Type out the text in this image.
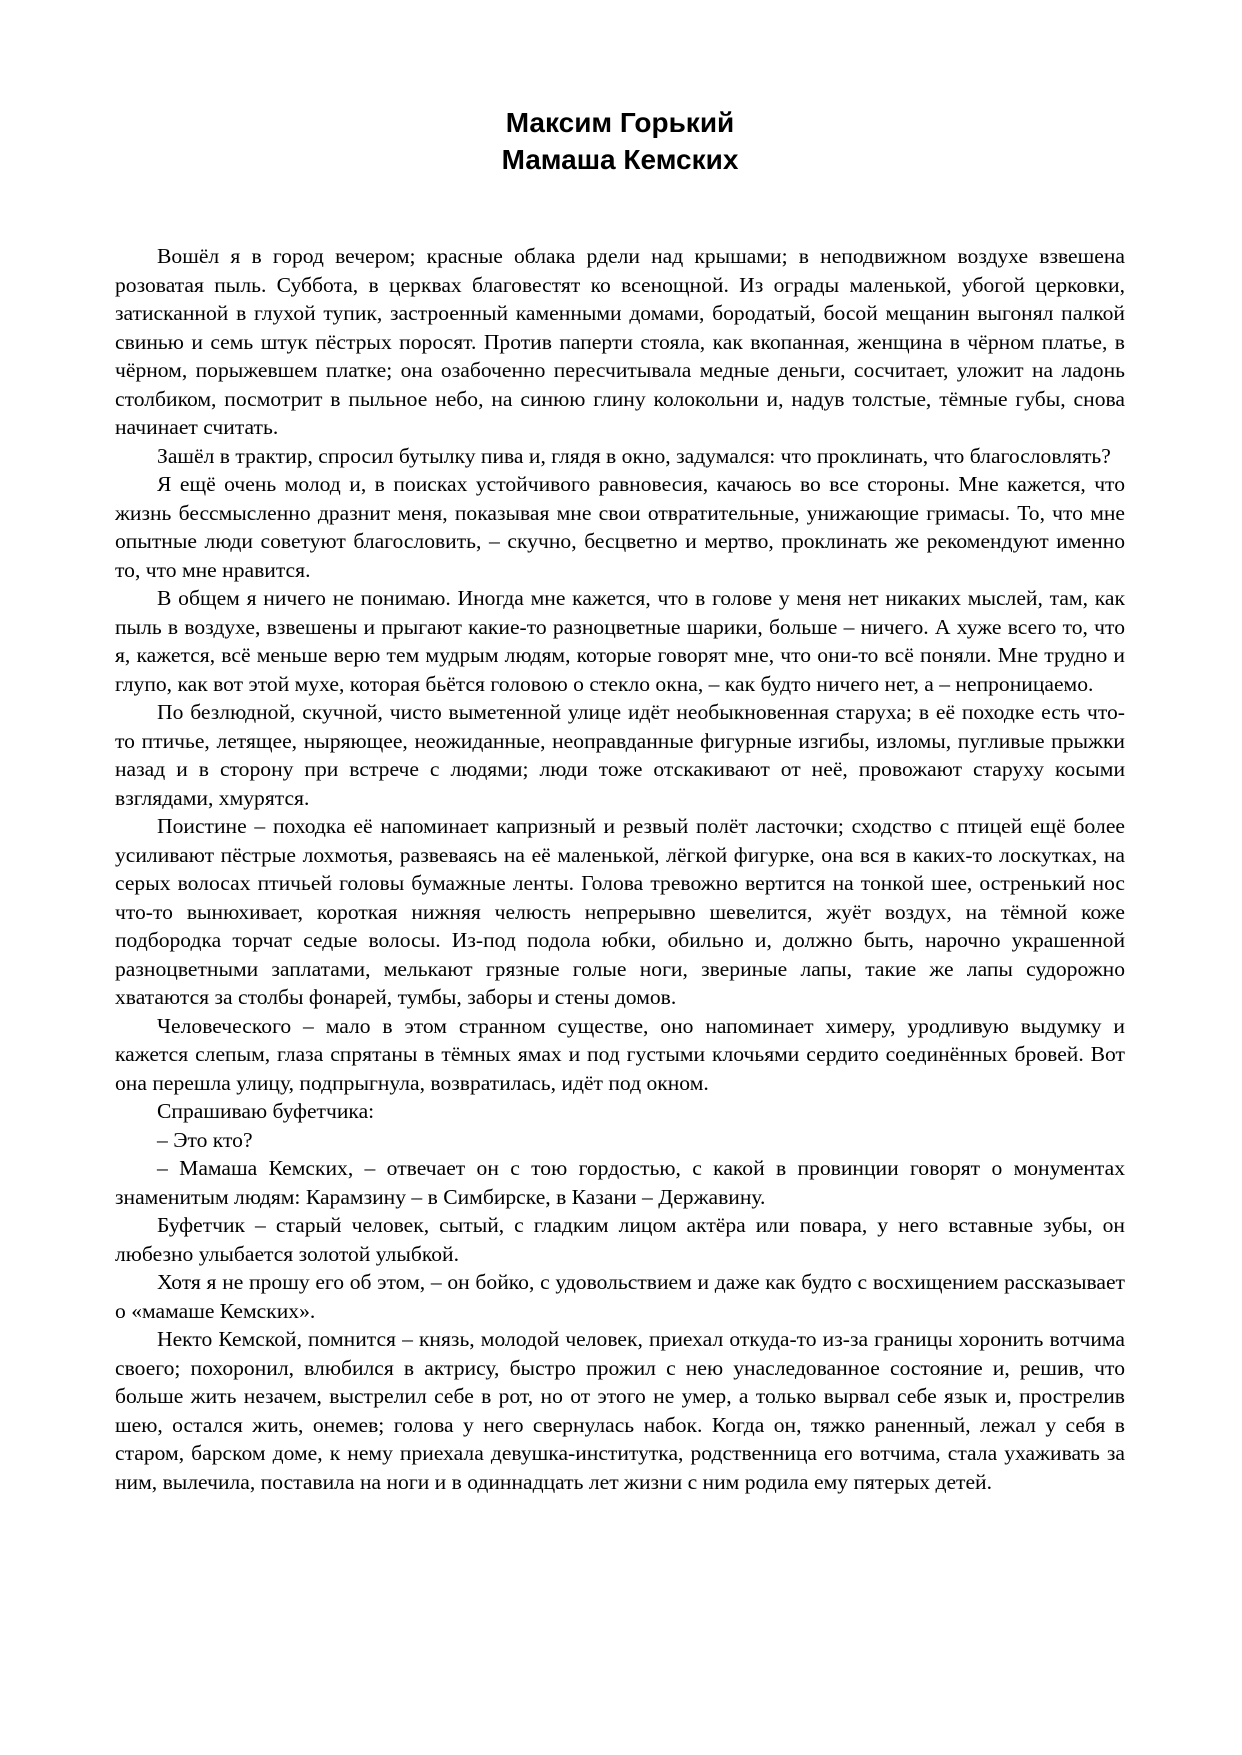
Максим Горький
Мамаша Кемских

Вошёл я в город вечером; красные облака рдели над крышами; в неподвижном воздухе взвешена розоватая пыль. Суббота, в церквах благовестят ко всенощной. Из ограды маленькой, убогой церковки, затисканной в глухой тупик, застроенный каменными домами, бородатый, босой мещанин выгонял палкой свинью и семь штук пёстрых поросят. Против паперти стояла, как вкопанная, женщина в чёрном платье, в чёрном, порыжевшем платке; она озабоченно пересчитывала медные деньги, сосчитает, уложит на ладонь столбиком, посмотрит в пыльное небо, на синюю глину колокольни и, надув толстые, тёмные губы, снова начинает считать.

Зашёл в трактир, спросил бутылку пива и, глядя в окно, задумался: что проклинать, что благословлять?

Я ещё очень молод и, в поисках устойчивого равновесия, качаюсь во все стороны. Мне кажется, что жизнь бессмысленно дразнит меня, показывая мне свои отвратительные, унижающие гримасы. То, что мне опытные люди советуют благословить, – скучно, бесцветно и мертво, проклинать же рекомендуют именно то, что мне нравится.

В общем я ничего не понимаю. Иногда мне кажется, что в голове у меня нет никаких мыслей, там, как пыль в воздухе, взвешены и прыгают какие-то разноцветные шарики, больше – ничего. А хуже всего то, что я, кажется, всё меньше верю тем мудрым людям, которые говорят мне, что они-то всё поняли. Мне трудно и глупо, как вот этой мухе, которая бьётся головою о стекло окна, – как будто ничего нет, а – непроницаемо.

По безлюдной, скучной, чисто выметенной улице идёт необыкновенная старуха; в её походке есть что-то птичье, летящее, ныряющее, неожиданные, неоправданные фигурные изгибы, изломы, пугливые прыжки назад и в сторону при встрече с людями; люди тоже отскакивают от неё, провожают старуху косыми взглядами, хмурятся.

Поистине – походка её напоминает капризный и резвый полёт ласточки; сходство с птицей ещё более усиливают пёстрые лохмотья, развеваясь на её маленькой, лёгкой фигурке, она вся в каких-то лоскутках, на серых волосах птичьей головы бумажные ленты. Голова тревожно вертится на тонкой шее, остренький нос что-то вынюхивает, короткая нижняя челюсть непрерывно шевелится, жуёт воздух, на тёмной коже подбородка торчат седые волосы. Из-под подола юбки, обильно и, должно быть, нарочно украшенной разноцветными заплатами, мелькают грязные голые ноги, звериные лапы, такие же лапы судорожно хватаются за столбы фонарей, тумбы, заборы и стены домов.

Человеческого – мало в этом странном существе, оно напоминает химеру, уродливую выдумку и кажется слепым, глаза спрятаны в тёмных ямах и под густыми клочьями сердито соединённых бровей. Вот она перешла улицу, подпрыгнула, возвратилась, идёт под окном.

Спрашиваю буфетчика:

– Это кто?

– Мамаша Кемских, – отвечает он с тою гордостью, с какой в провинции говорят о монументах знаменитым людям: Карамзину – в Симбирске, в Казани – Державину.

Буфетчик – старый человек, сытый, с гладким лицом актёра или повара, у него вставные зубы, он любезно улыбается золотой улыбкой.

Хотя я не прошу его об этом, – он бойко, с удовольствием и даже как будто с восхищением рассказывает о «мамаше Кемских».

Некто Кемской, помнится – князь, молодой человек, приехал откуда-то из-за границы хоронить вотчима своего; похоронил, влюбился в актрису, быстро прожил с нею унаследованное состояние и, решив, что больше жить незачем, выстрелил себе в рот, но от этого не умер, а только вырвал себе язык и, прострелив шею, остался жить, онемев; голова у него свернулась набок. Когда он, тяжко раненный, лежал у себя в старом, барском доме, к нему приехала девушка-институтка, родственница его вотчима, стала ухаживать за ним, вылечила, поставила на ноги и в одиннадцать лет жизни с ним родила ему пятерых детей.
